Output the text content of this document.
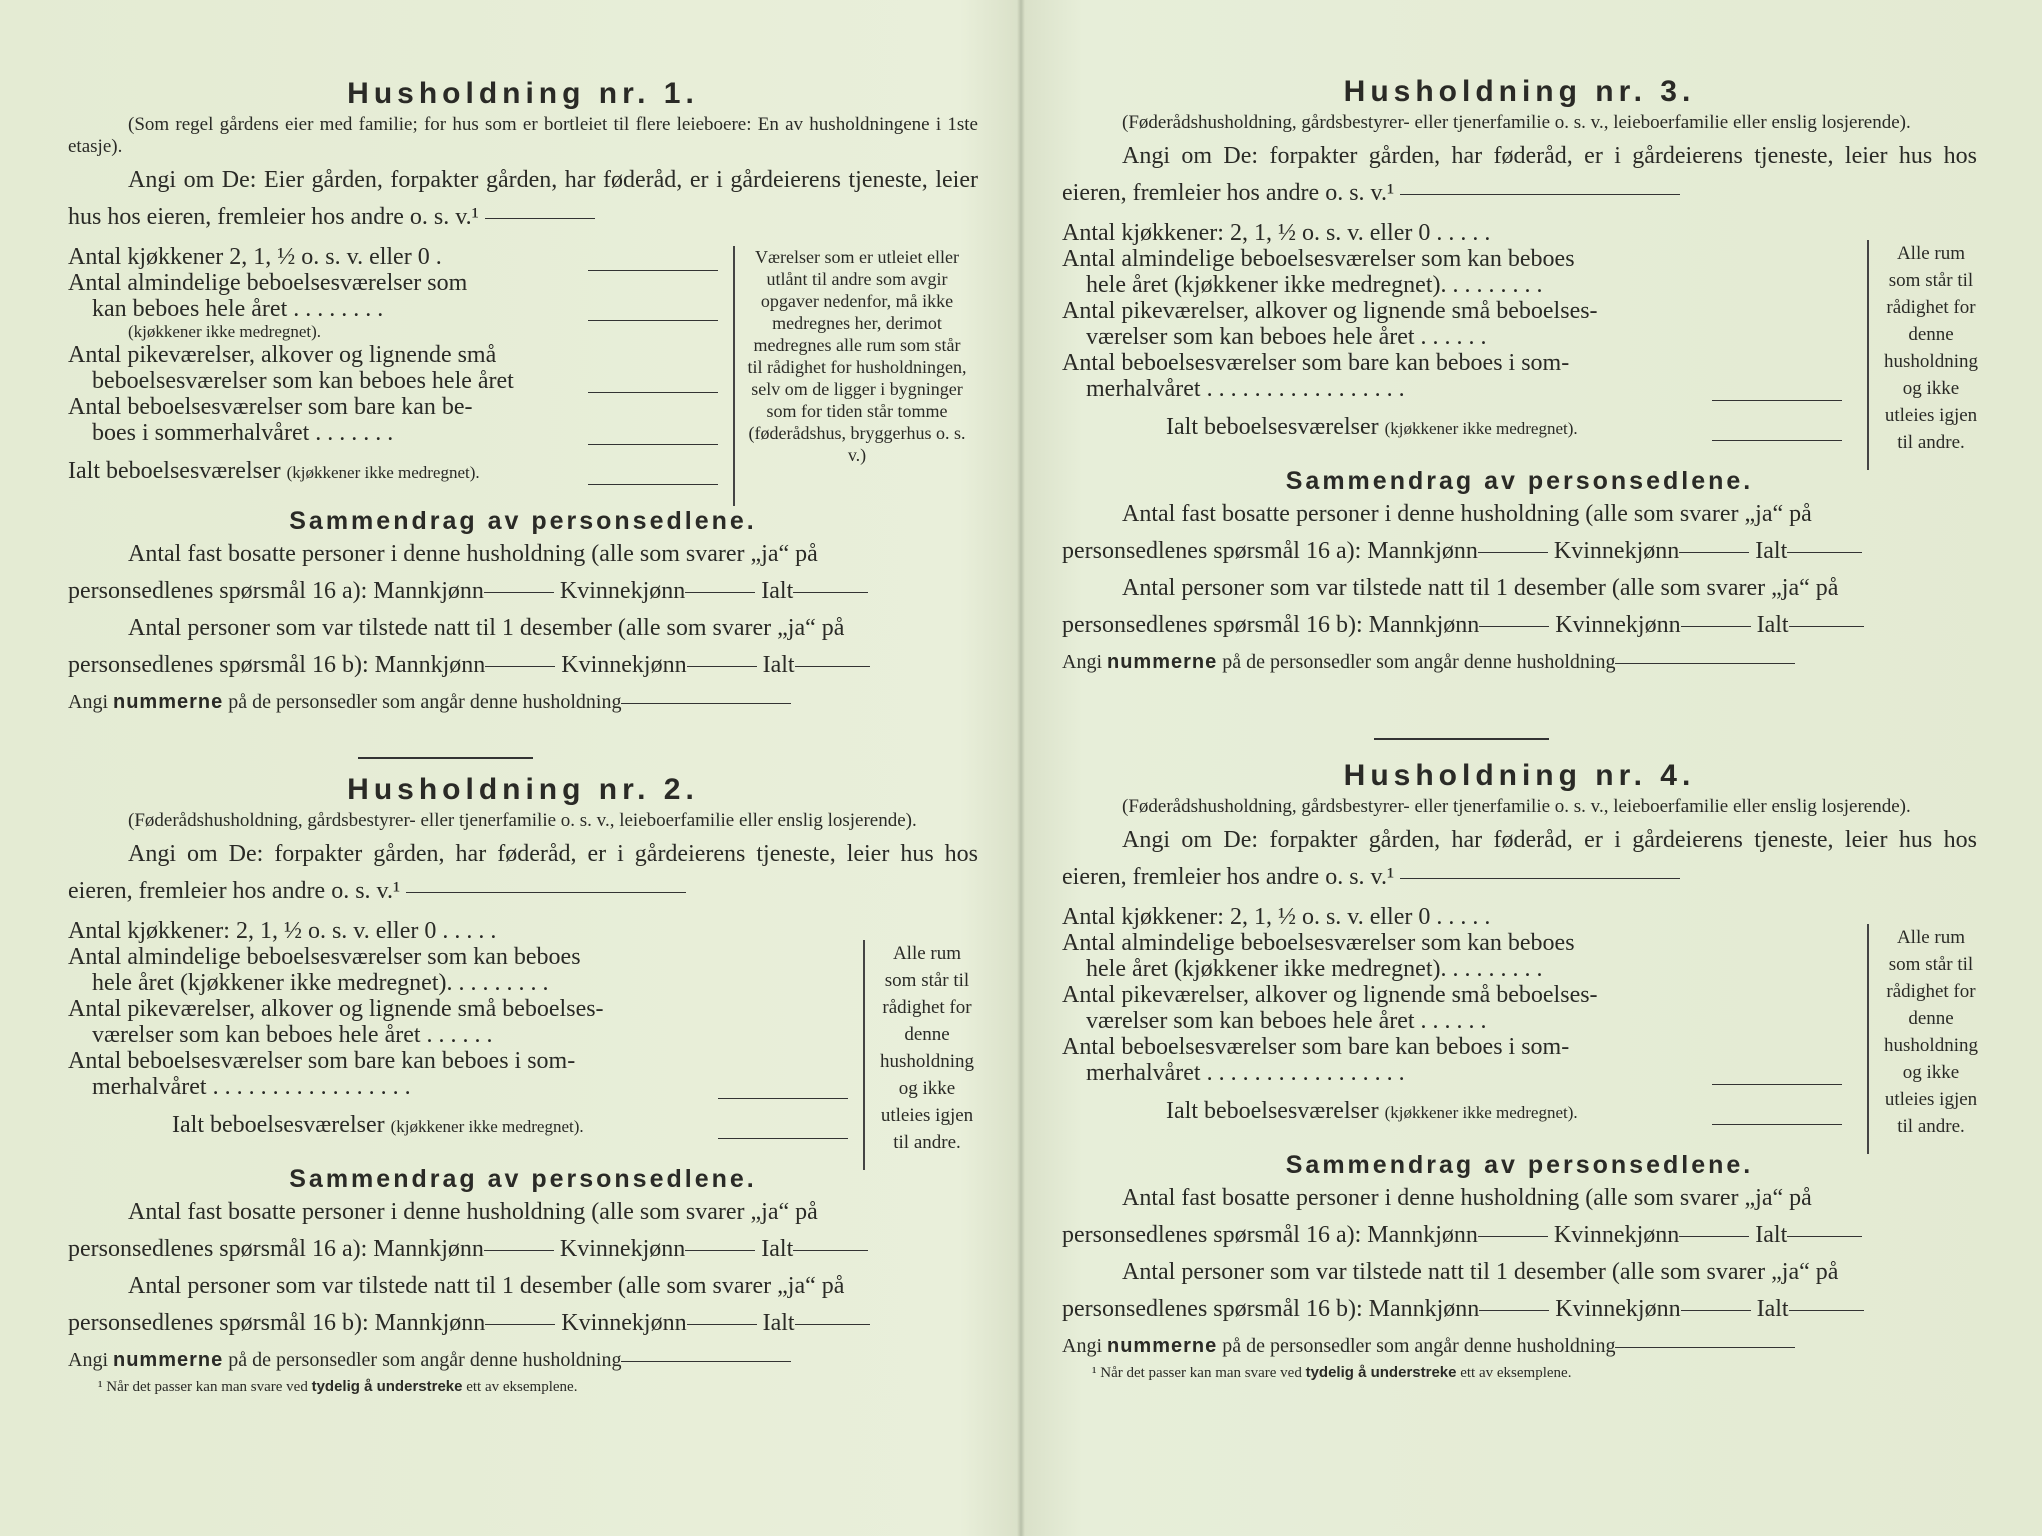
Husholdning nr. 1.

(Som regel gårdens eier med familie; for hus som er bortleiet til flere leieboere: En av husholdningene i 1ste etasje).

Angi om De: Eier gården, forpakter gården, har føderåd, er i gårdeierens tjeneste, leier hus hos eieren, fremleier hos andre o. s. v.¹

Antal kjøkkener 2, 1, ½ o. s. v. eller 0 .
Antal almindelige beboelsesværelser som
kan beboes hele året . . . . . . . .
(kjøkkener ikke medregnet).
Antal pikeværelser, alkover og lignende små
beboelsesværelser som kan beboes hele året
Antal beboelsesværelser som bare kan be-
boes i sommerhalvåret . . . . . . .
Ialt beboelsesværelser (kjøkkener ikke medregnet).
Værelser som er utleiet eller utlånt til andre som avgir opgaver nedenfor, må ikke medregnes her, derimot medregnes alle rum som står til rådighet for husholdningen, selv om de ligger i bygninger som for tiden står tomme (føderådshus, bryggerhus o. s. v.)
Sammendrag av personsedlene.

Antal fast bosatte personer i denne husholdning (alle som svarer „ja“ på
personsedlenes spørsmål 16 a): Mannkjønn	Kvinnekjønn	Ialt

Antal personer som var tilstede natt til 1 desember (alle som svarer „ja“ på
personsedlenes spørsmål 16 b): Mannkjønn	Kvinnekjønn	Ialt

Angi nummerne på de personsedler som angår denne husholdning

Husholdning nr. 2.

(Føderådshusholdning, gårdsbestyrer- eller tjenerfamilie o. s. v., leieboerfamilie eller enslig losjerende).

Angi om De: forpakter gården, har føderåd, er i gårdeierens tjeneste, leier hus hos eieren, fremleier hos andre o. s. v.¹

Antal kjøkkener: 2, 1, ½ o. s. v. eller 0 . . . . .
Antal almindelige beboelsesværelser som kan beboes
hele året (kjøkkener ikke medregnet). . . . . . . . .
Antal pikeværelser, alkover og lignende små beboelses-
værelser som kan beboes hele året . . . . . .
Antal beboelsesværelser som bare kan beboes i som-
merhalvåret . . . . . . . . . . . . . . . . .
Ialt beboelsesværelser (kjøkkener ikke medregnet).
Alle rum som står til rådighet for denne husholdning og ikke utleies igjen til andre.
Sammendrag av personsedlene.

Antal fast bosatte personer i denne husholdning (alle som svarer „ja“ på
personsedlenes spørsmål 16 a): Mannkjønn	Kvinnekjønn	Ialt

Antal personer som var tilstede natt til 1 desember (alle som svarer „ja“ på
personsedlenes spørsmål 16 b): Mannkjønn	Kvinnekjønn	Ialt

Angi nummerne på de personsedler som angår denne husholdning

¹ Når det passer kan man svare ved tydelig å understreke ett av eksemplene.

Husholdning nr. 3.

(Føderådshusholdning, gårdsbestyrer- eller tjenerfamilie o. s. v., leieboerfamilie eller enslig losjerende).

Angi om De: forpakter gården, har føderåd, er i gårdeierens tjeneste, leier hus hos eieren, fremleier hos andre o. s. v.¹

Antal kjøkkener: 2, 1, ½ o. s. v. eller 0 . . . . .
Antal almindelige beboelsesværelser som kan beboes
hele året (kjøkkener ikke medregnet). . . . . . . . .
Antal pikeværelser, alkover og lignende små beboelses-
værelser som kan beboes hele året . . . . . .
Antal beboelsesværelser som bare kan beboes i som-
merhalvåret . . . . . . . . . . . . . . . . .
Ialt beboelsesværelser (kjøkkener ikke medregnet).
Alle rum som står til rådighet for denne husholdning og ikke utleies igjen til andre.
Sammendrag av personsedlene.

Antal fast bosatte personer i denne husholdning (alle som svarer „ja“ på
personsedlenes spørsmål 16 a): Mannkjønn	Kvinnekjønn	Ialt

Antal personer som var tilstede natt til 1 desember (alle som svarer „ja“ på
personsedlenes spørsmål 16 b): Mannkjønn	Kvinnekjønn	Ialt

Angi nummerne på de personsedler som angår denne husholdning

Husholdning nr. 4.

(Føderådshusholdning, gårdsbestyrer- eller tjenerfamilie o. s. v., leieboerfamilie eller enslig losjerende).

Angi om De: forpakter gården, har føderåd, er i gårdeierens tjeneste, leier hus hos eieren, fremleier hos andre o. s. v.¹

Antal kjøkkener: 2, 1, ½ o. s. v. eller 0 . . . . .
Antal almindelige beboelsesværelser som kan beboes
hele året (kjøkkener ikke medregnet). . . . . . . . .
Antal pikeværelser, alkover og lignende små beboelses-
værelser som kan beboes hele året . . . . . .
Antal beboelsesværelser som bare kan beboes i som-
merhalvåret . . . . . . . . . . . . . . . . .
Ialt beboelsesværelser (kjøkkener ikke medregnet).
Alle rum som står til rådighet for denne husholdning og ikke utleies igjen til andre.
Sammendrag av personsedlene.

Antal fast bosatte personer i denne husholdning (alle som svarer „ja“ på
personsedlenes spørsmål 16 a): Mannkjønn	Kvinnekjønn	Ialt

Antal personer som var tilstede natt til 1 desember (alle som svarer „ja“ på
personsedlenes spørsmål 16 b): Mannkjønn	Kvinnekjønn	Ialt

Angi nummerne på de personsedler som angår denne husholdning

¹ Når det passer kan man svare ved tydelig å understreke ett av eksemplene.
